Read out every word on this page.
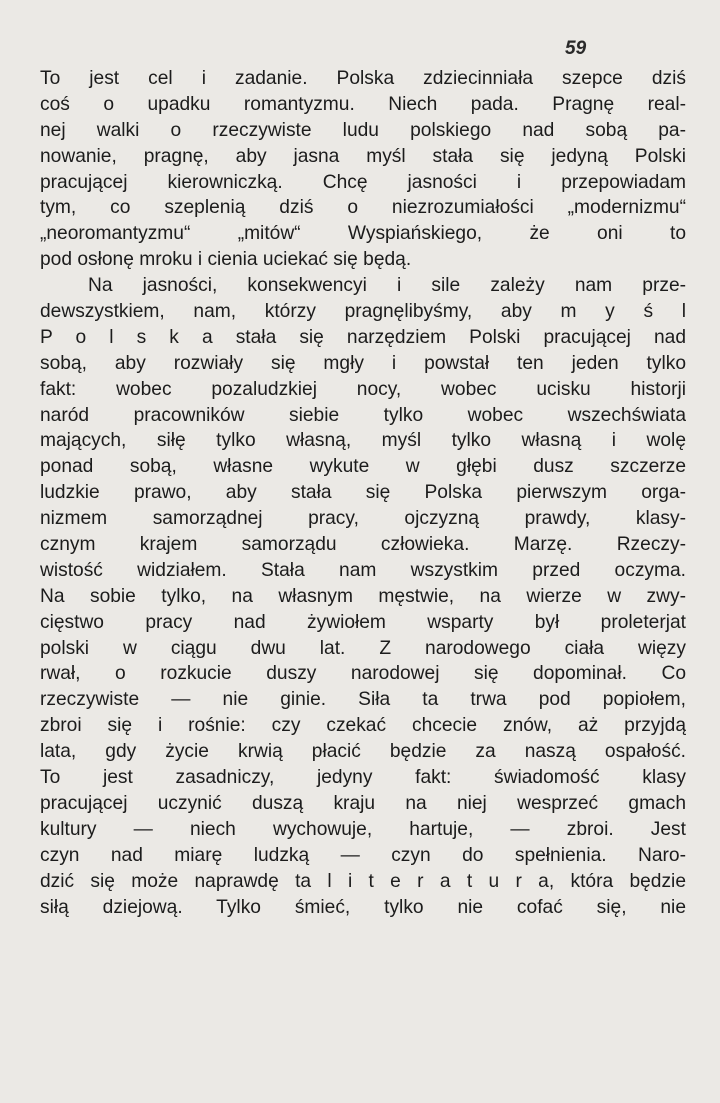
59
To jest cel i zadanie. Polska zdziecinniała szepce dziś
coś o upadku romantyzmu. Niech pada. Pragnę real-
nej walki o rzeczywiste ludu polskiego nad sobą pa-
nowanie, pragnę, aby jasna myśl stała się jedyną Polski
pracującej kierowniczką. Chcę jasności i przepowiadam
tym, co szeplenią dziś o niezrozumiałości „modernizmu“
„neoromantyzmu“ „mitów“ Wyspiańskiego, że oni to
pod osłonę mroku i cienia uciekać się będą.
Na jasności, konsekwencyi i sile zależy nam prze-
dewszystkiem, nam, którzy pragnęlibyśmy, aby m y ś l
P o l s k a stała się narzędziem Polski pracującej nad
sobą, aby rozwiały się mgły i powstał ten jeden tylko
fakt: wobec pozaludzkiej nocy, wobec ucisku historji
naród pracowników siebie tylko wobec wszechświata
mających, siłę tylko własną, myśl tylko własną i wolę
ponad sobą, własne wykute w głębi dusz szczerze
ludzkie prawo, aby stała się Polska pierwszym orga-
nizmem samorządnej pracy, ojczyzną prawdy, klasy-
cznym krajem samorządu człowieka. Marzę. Rzeczy-
wistość widziałem. Stała nam wszystkim przed oczyma.
Na sobie tylko, na własnym męstwie, na wierze w zwy-
cięstwo pracy nad żywiołem wsparty był proleterjat
polski w ciągu dwu lat. Z narodowego ciała więzy
rwał, o rozkucie duszy narodowej się dopominał. Co
rzeczywiste — nie ginie. Siła ta trwa pod popiołem,
zbroi się i rośnie: czy czekać chcecie znów, aż przyjdą
lata, gdy życie krwią płacić będzie za naszą ospałość.
To jest zasadniczy, jedyny fakt: świadomość klasy
pracującej uczynić duszą kraju na niej wesprzeć gmach
kultury — niech wychowuje, hartuje, — zbroi. Jest
czyn nad miarę ludzką — czyn do spełnienia. Naro-
dzić się może naprawdę ta l i t e r a t u r a, która będzie
siłą dziejową. Tylko śmieć, tylko nie cofać się, nie
